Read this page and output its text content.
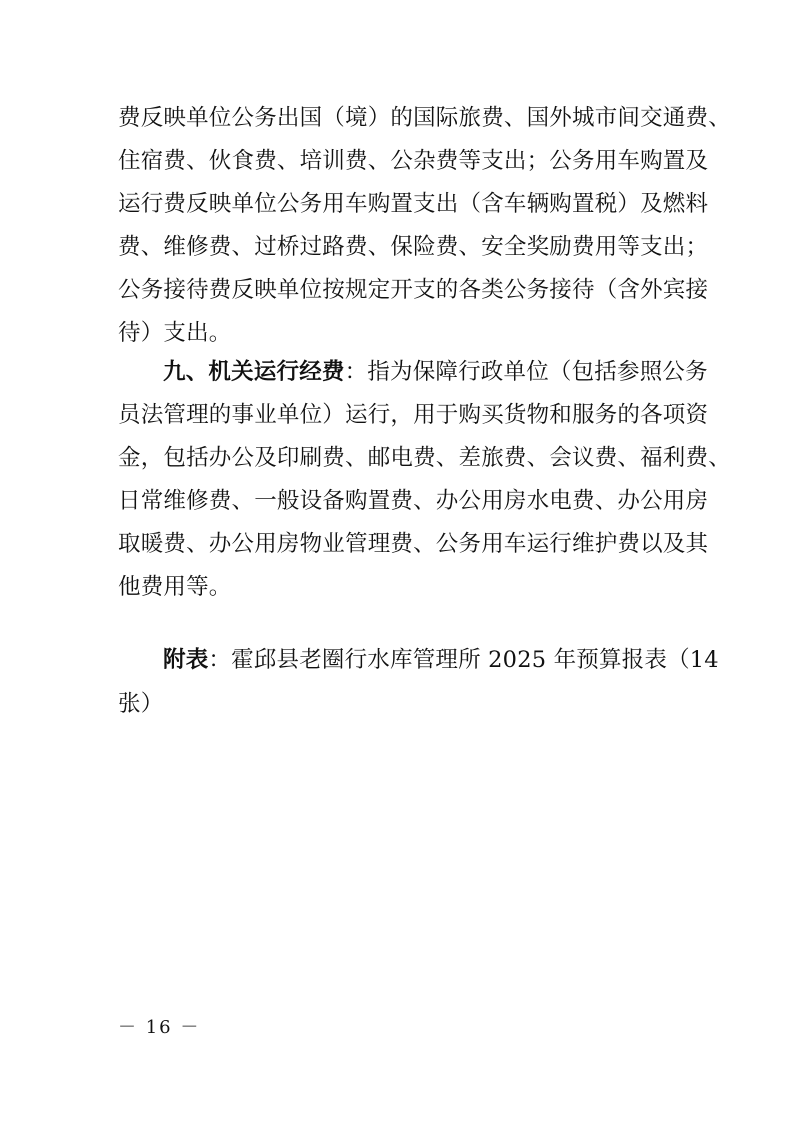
费反映单位公务出国（境）的国际旅费、国外城市间交通费、
住宿费、伙食费、培训费、公杂费等支出；公务用车购置及
运行费反映单位公务用车购置支出（含车辆购置税）及燃料
费、维修费、过桥过路费、保险费、安全奖励费用等支出；
公务接待费反映单位按规定开支的各类公务接待（含外宾接
待）支出。
九、机关运行经费：指为保障行政单位（包括参照公务
员法管理的事业单位）运行，用于购买货物和服务的各项资
金，包括办公及印刷费、邮电费、差旅费、会议费、福利费、
日常维修费、一般设备购置费、办公用房水电费、办公用房
取暖费、办公用房物业管理费、公务用车运行维护费以及其
他费用等。
附表：霍邱县老圈行水库管理所 2025 年预算报表（14
张）
－ 16 －
